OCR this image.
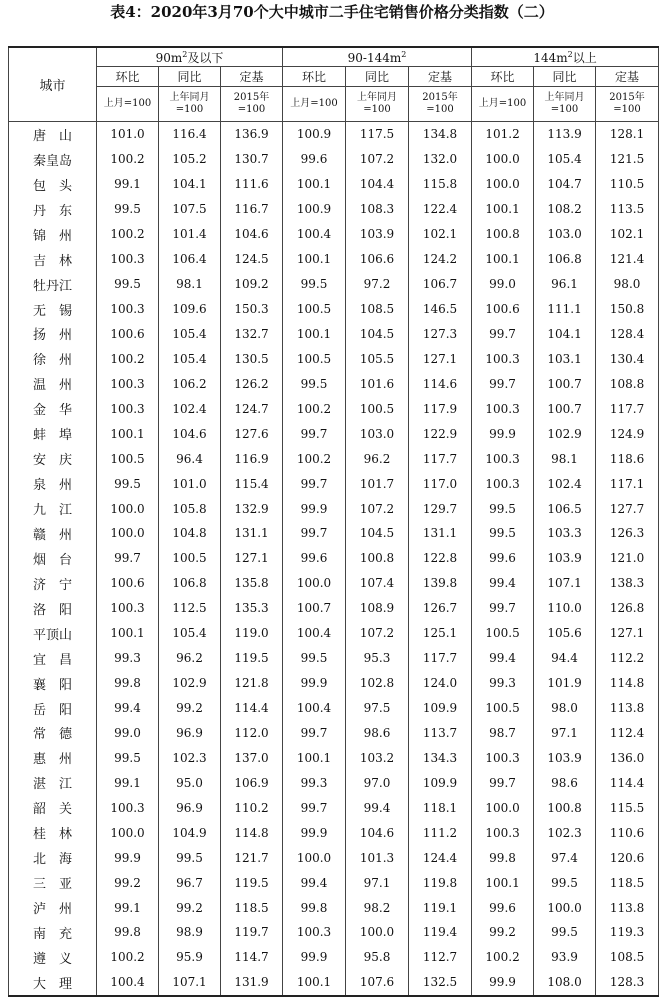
表4：2020年3月70个大中城市二手住宅销售价格分类指数（二）
城市	$90m^2$及以下			$90-144m^2$			$144m^2$以上		
	环比	同比	定基	环比	同比	定基	环比	同比	定基
	上月=100	上年同月=100	2015年=100	上月=100	上年同月=100	2015年=100	上月=100	上年同月=100	2015年=100
唐　山	101.0	116.4	136.9	100.9	117.5	134.8	101.2	113.9	128.1
秦皇岛	100.2	105.2	130.7	99.6	107.2	132.0	100.0	105.4	121.5
包　头	99.1	104.1	111.6	100.1	104.4	115.8	100.0	104.7	110.5
丹　东	99.5	107.5	116.7	100.9	108.3	122.4	100.1	108.2	113.5
锦　州	100.2	101.4	104.6	100.4	103.9	102.1	100.8	103.0	102.1
吉　林	100.3	106.4	124.5	100.1	106.6	124.2	100.1	106.8	121.4
牡丹江	99.5	98.1	109.2	99.5	97.2	106.7	99.0	96.1	98.0
无　锡	100.3	109.6	150.3	100.5	108.5	146.5	100.6	111.1	150.8
扬　州	100.6	105.4	132.7	100.1	104.5	127.3	99.7	104.1	128.4
徐　州	100.2	105.4	130.5	100.5	105.5	127.1	100.3	103.1	130.4
温　州	100.3	106.2	126.2	99.5	101.6	114.6	99.7	100.7	108.8
金　华	100.3	102.4	124.7	100.2	100.5	117.9	100.3	100.7	117.7
蚌　埠	100.1	104.6	127.6	99.7	103.0	122.9	99.9	102.9	124.9
安　庆	100.5	96.4	116.9	100.2	96.2	117.7	100.3	98.1	118.6
泉　州	99.5	101.0	115.4	99.7	101.7	117.0	100.3	102.4	117.1
九　江	100.0	105.8	132.9	99.9	107.2	129.7	99.5	106.5	127.7
赣　州	100.0	104.8	131.1	99.7	104.5	131.1	99.5	103.3	126.3
烟　台	99.7	100.5	127.1	99.6	100.8	122.8	99.6	103.9	121.0
济　宁	100.6	106.8	135.8	100.0	107.4	139.8	99.4	107.1	138.3
洛　阳	100.3	112.5	135.3	100.7	108.9	126.7	99.7	110.0	126.8
平顶山	100.1	105.4	119.0	100.4	107.2	125.1	100.5	105.6	127.1
宜　昌	99.3	96.2	119.5	99.5	95.3	117.7	99.4	94.4	112.2
襄　阳	99.8	102.9	121.8	99.9	102.8	124.0	99.3	101.9	114.8
岳　阳	99.4	99.2	114.4	100.4	97.5	109.9	100.5	98.0	113.8
常　德	99.0	96.9	112.0	99.7	98.6	113.7	98.7	97.1	112.4
惠　州	99.5	102.3	137.0	100.1	103.2	134.3	100.3	103.9	136.0
湛　江	99.1	95.0	106.9	99.3	97.0	109.9	99.7	98.6	114.4
韶　关	100.3	96.9	110.2	99.7	99.4	118.1	100.0	100.8	115.5
桂　林	100.0	104.9	114.8	99.9	104.6	111.2	100.3	102.3	110.6
北　海	99.9	99.5	121.7	100.0	101.3	124.4	99.8	97.4	120.6
三　亚	99.2	96.7	119.5	99.4	97.1	119.8	100.1	99.5	118.5
泸　州	99.1	99.2	118.5	99.8	98.2	119.1	99.6	100.0	113.8
南　充	99.8	98.9	119.7	100.3	100.0	119.4	99.2	99.5	119.3
遵　义	100.2	95.9	114.7	99.9	95.8	112.7	100.2	93.9	108.5
大　理	100.4	107.1	131.9	100.1	107.6	132.5	99.9	108.0	128.3
